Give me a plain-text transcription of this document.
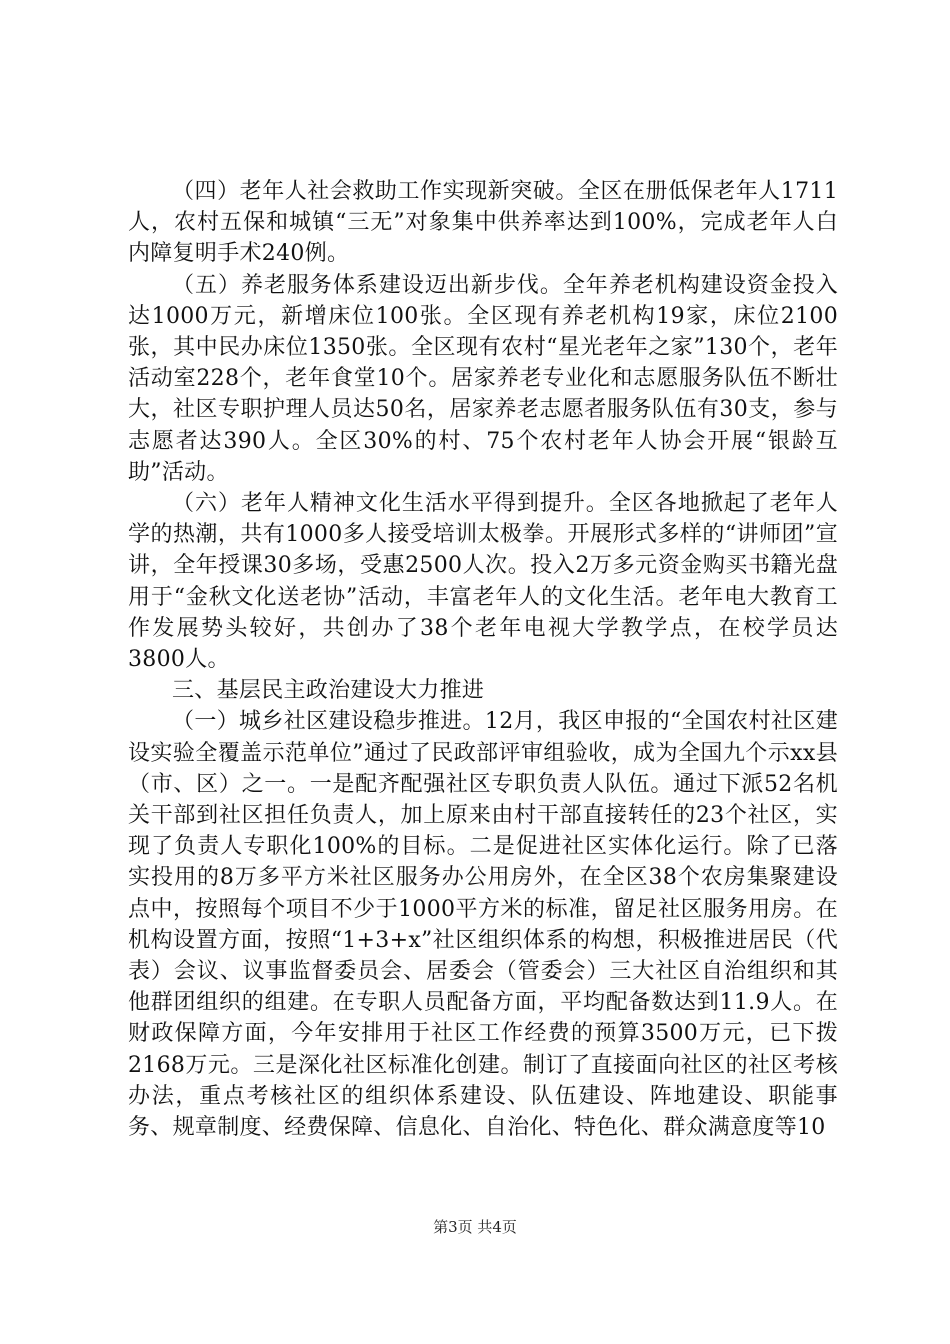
（四）老年人社会救助工作实现新突破。全区在册低保老年人1711人，农村五保和城镇“三无”对象集中供养率达到100%，完成老年人白内障复明手术240例。

（五）养老服务体系建设迈出新步伐。全年养老机构建设资金投入达1000万元，新增床位100张。全区现有养老机构19家，床位2100张，其中民办床位1350张。全区现有农村“星光老年之家”130个，老年活动室228个，老年食堂10个。居家养老专业化和志愿服务队伍不断壮大，社区专职护理人员达50名，居家养老志愿者服务队伍有30支，参与志愿者达390人。全区30%的村、75个农村老年人协会开展“银龄互助”活动。

（六）老年人精神文化生活水平得到提升。全区各地掀起了老年人学的热潮，共有1000多人接受培训太极拳。开展形式多样的“讲师团”宣讲，全年授课30多场，受惠2500人次。投入2万多元资金购买书籍光盘用于“金秋文化送老协”活动，丰富老年人的文化生活。老年电大教育工作发展势头较好，共创办了38个老年电视大学教学点，在校学员达3800人。

三、基层民主政治建设大力推进

（一）城乡社区建设稳步推进。12月，我区申报的“全国农村社区建设实验全覆盖示范单位”通过了民政部评审组验收，成为全国九个示xx县（市、区）之一。一是配齐配强社区专职负责人队伍。通过下派52名机关干部到社区担任负责人，加上原来由村干部直接转任的23个社区，实现了负责人专职化100%的目标。二是促进社区实体化运行。除了已落实投用的8万多平方米社区服务办公用房外，在全区38个农房集聚建设点中，按照每个项目不少于1000平方米的标准，留足社区服务用房。在机构设置方面，按照“1+3+x”社区组织体系的构想，积极推进居民（代表）会议、议事监督委员会、居委会（管委会）三大社区自治组织和其他群团组织的组建。在专职人员配备方面，平均配备数达到11.9人。在财政保障方面，今年安排用于社区工作经费的预算3500万元，已下拨2168万元。三是深化社区标准化创建。制订了直接面向社区的社区考核办法，重点考核社区的组织体系建设、队伍建设、阵地建设、职能事务、规章制度、经费保障、信息化、自治化、特色化、群众满意度等10

第3页 共4页
